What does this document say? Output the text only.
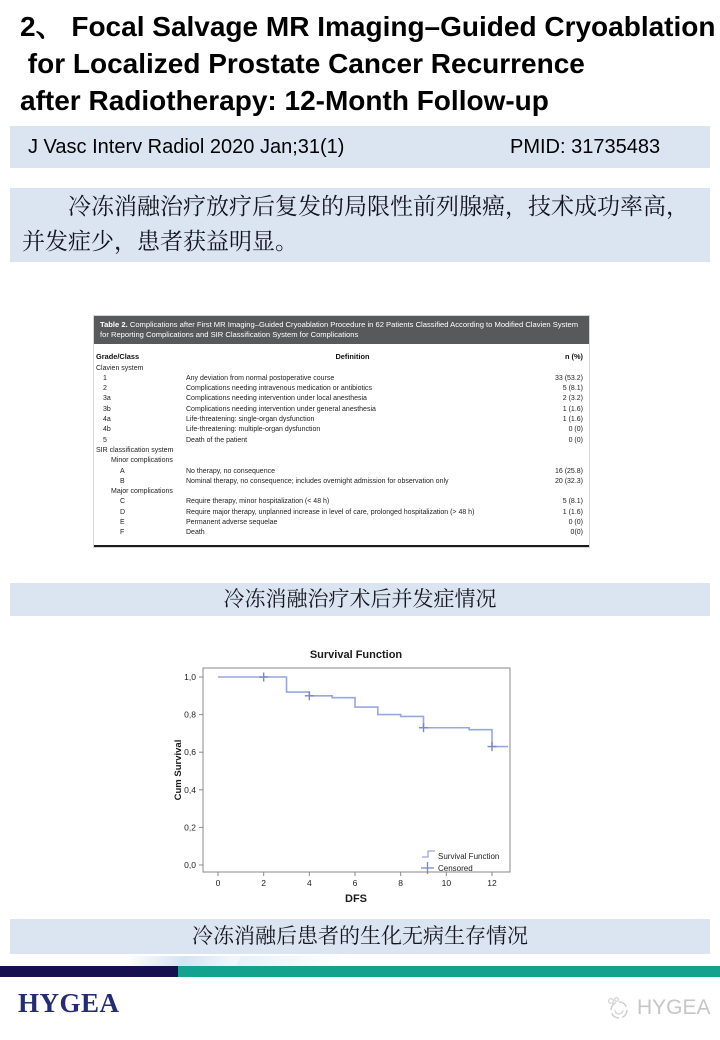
2、 Focal Salvage MR Imaging–Guided Cryoablation
for Localized Prostate Cancer Recurrence
after Radiotherapy: 12-Month Follow-up
J Vasc Interv Radiol 2020 Jan;31(1)	PMID: 31735483

冷冻消融治疗放疗后复发的局限性前列腺癌，技术成功率高，并发症少，患者获益明显。

Table 2. Complications after First MR Imaging–Guided Cryoablation Procedure in 62 Patients Classified According to Modified Clavien System for Reporting Complications and SIR Classification System for Complications
Grade/Class	Definition	n (%)
Clavien system
1	Any deviation from normal postoperative course	33 (53.2)
2	Complications needing intravenous medication or antibiotics	5 (8.1)
3a	Complications needing intervention under local anesthesia	2 (3.2)
3b	Complications needing intervention under general anesthesia	1 (1.6)
4a	Life-threatening: single-organ dysfunction	1 (1.6)
4b	Life-threatening: multiple-organ dysfunction	0 (0)
5	Death of the patient	0 (0)
SIR classification system
Minor complications
A	No therapy, no consequence	16 (25.8)
B	Nominal therapy, no consequence; includes overnight admission for observation only	20 (32.3)
Major complications
C	Require therapy, minor hospitalization (< 48 h)	5 (8.1)
D	Require major therapy, unplanned increase in level of care, prolonged hospitalization (> 48 h)	1 (1.6)
E	Permanent adverse sequelae	0 (0)
F	Death	0(0)
冷冻消融治疗术后并发症情况
Survival Function
0	2	4	6	8	10	12
0,0
0,2
0,4
0,6
0,8
1,0
Cum Survival
DFS
Survival Function
Censored
冷冻消融后患者的生化无病生存情况
HYGEA	HYGEA
